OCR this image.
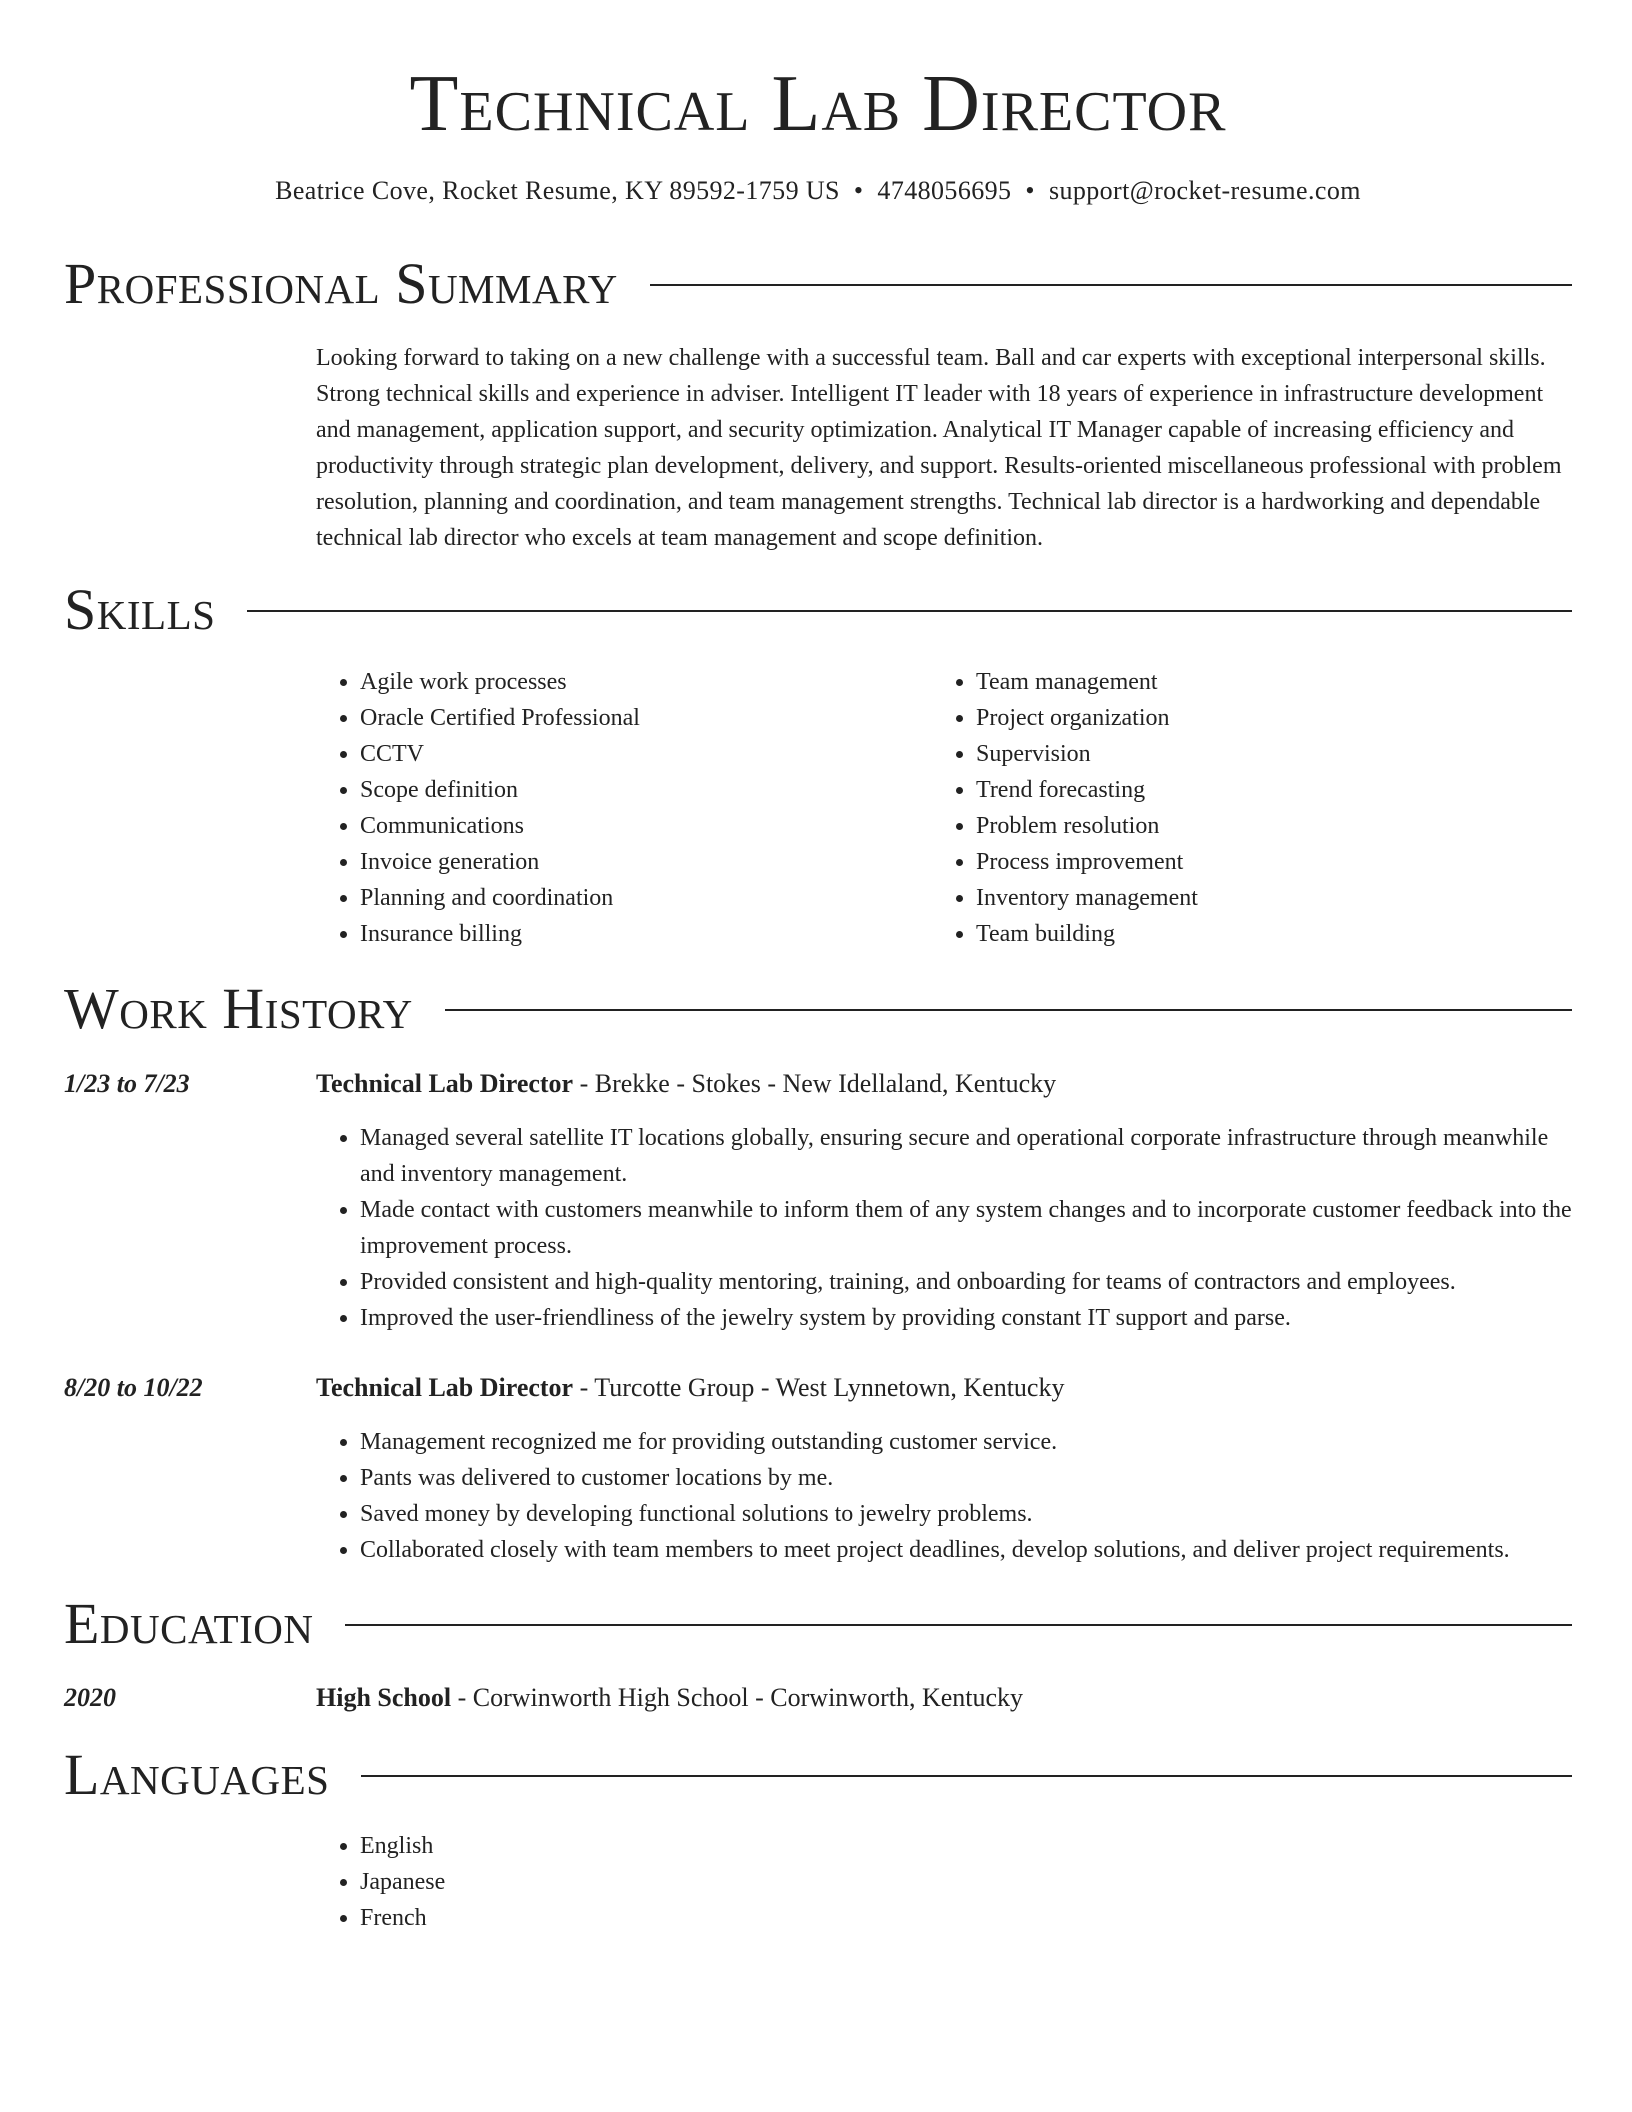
Technical Lab Director
Beatrice Cove, Rocket Resume, KY 89592-1759 US • 4748056695 • support@rocket-resume.com
Professional Summary

Looking forward to taking on a new challenge with a successful team. Ball and car experts with exceptional interpersonal skills. Strong technical skills and experience in adviser. Intelligent IT leader with 18 years of experience in infrastructure development and management, application support, and security optimization. Analytical IT Manager capable of increasing efficiency and productivity through strategic plan development, delivery, and support. Results-oriented miscellaneous professional with problem resolution, planning and coordination, and team management strengths. Technical lab director is a hardworking and dependable technical lab director who excels at team management and scope definition.

Skills
• Agile work processes
• Oracle Certified Professional
• CCTV
• Scope definition
• Communications
• Invoice generation
• Planning and coordination
• Insurance billing
• Team management
• Project organization
• Supervision
• Trend forecasting
• Problem resolution
• Process improvement
• Inventory management
• Team building
Work History
1/23 to 7/23	Technical Lab Director - Brekke - Stokes - New Idellaland, Kentucky
• Managed several satellite IT locations globally, ensuring secure and operational corporate infrastructure through meanwhile and inventory management.
• Made contact with customers meanwhile to inform them of any system changes and to incorporate customer feedback into the improvement process.
• Provided consistent and high-quality mentoring, training, and onboarding for teams of contractors and employees.
• Improved the user-friendliness of the jewelry system by providing constant IT support and parse.
8/20 to 10/22	Technical Lab Director - Turcotte Group - West Lynnetown, Kentucky
• Management recognized me for providing outstanding customer service.
• Pants was delivered to customer locations by me.
• Saved money by developing functional solutions to jewelry problems.
• Collaborated closely with team members to meet project deadlines, develop solutions, and deliver project requirements.
Education
2020	High School - Corwinworth High School - Corwinworth, Kentucky
Languages
• English
• Japanese
• French
